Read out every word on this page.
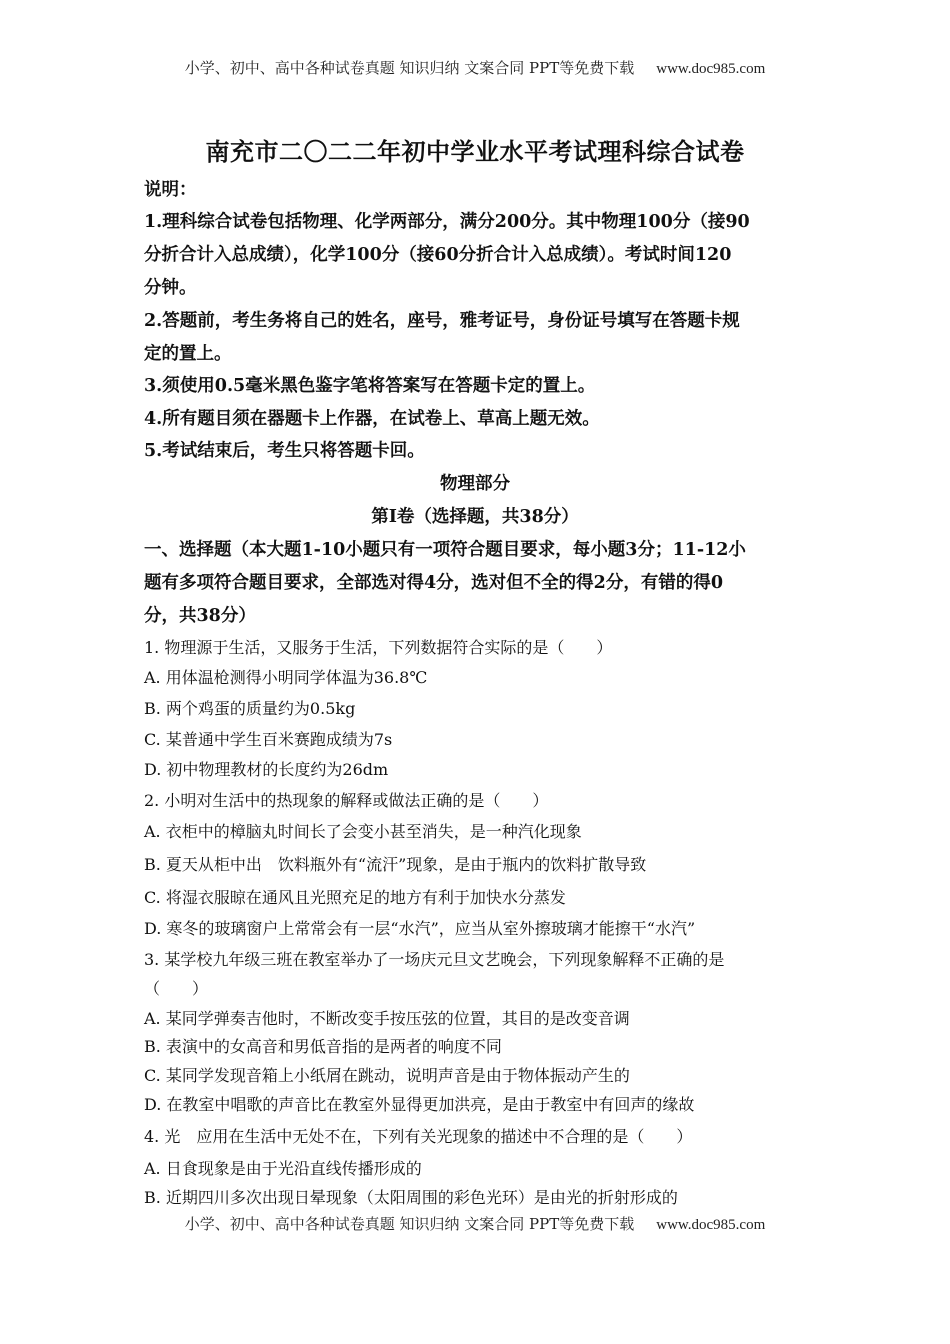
小学、初中、高中各种试卷真题 知识归纳 文案合同 PPT等免费下载 www.doc985.com
南充市二〇二二年初中学业水平考试理科综合试卷
说明：
1.理科综合试卷包括物理、化学两部分，满分200分。其中物理100分（接90
分折合计入总成绩），化学100分（接60分折合计入总成绩）。考试时间120
分钟。
2.答题前，考生务将自己的姓名，座号，雅考证号，身份证号填写在答题卡规
定的置上。
3.须使用0.5毫米黑色鉴字笔将答案写在答题卡定的置上。
4.所有题目须在器题卡上作器，在试卷上、草高上题无效。
5.考试结束后，考生只将答题卡回。
物理部分
第Ⅰ卷（选择题，共38分）
一、选择题（本大题1-10小题只有一项符合题目要求，每小题3分；11-12小
题有多项符合题目要求，全部选对得4分，选对但不全的得2分，有错的得0
分，共38分）
1. 物理源于生活，又服务于生活，下列数据符合实际的是（　　）
A. 用体温枪测得小明同学体温为36.8℃
B. 两个鸡蛋的质量约为0.5kg
C. 某普通中学生百米赛跑成绩为7s
D. 初中物理教材的长度约为26dm
2. 小明对生活中的热现象的解释或做法正确的是（　　）
A. 衣柜中的樟脑丸时间长了会变小甚至消失，是一种汽化现象
B. 夏天从柜中出　饮料瓶外有“流汗”现象，是由于瓶内的饮料扩散导致
C. 将湿衣服晾在通风且光照充足的地方有利于加快水分蒸发
D. 寒冬的玻璃窗户上常常会有一层“水汽”，应当从室外擦玻璃才能擦干“水汽”
3. 某学校九年级三班在教室举办了一场庆元旦文艺晚会，下列现象解释不正确的是
（　　）
A. 某同学弹奏吉他时，不断改变手按压弦的位置，其目的是改变音调
B. 表演中的女高音和男低音指的是两者的响度不同
C. 某同学发现音箱上小纸屑在跳动，说明声音是由于物体振动产生的
D. 在教室中唱歌的声音比在教室外显得更加洪亮，是由于教室中有回声的缘故
4. 光　应用在生活中无处不在，下列有关光现象的描述中不合理的是（　　）
A. 日食现象是由于光沿直线传播形成的
B. 近期四川多次出现日晕现象（太阳周围的彩色光环）是由光的折射形成的
小学、初中、高中各种试卷真题 知识归纳 文案合同 PPT等免费下载 www.doc985.com
